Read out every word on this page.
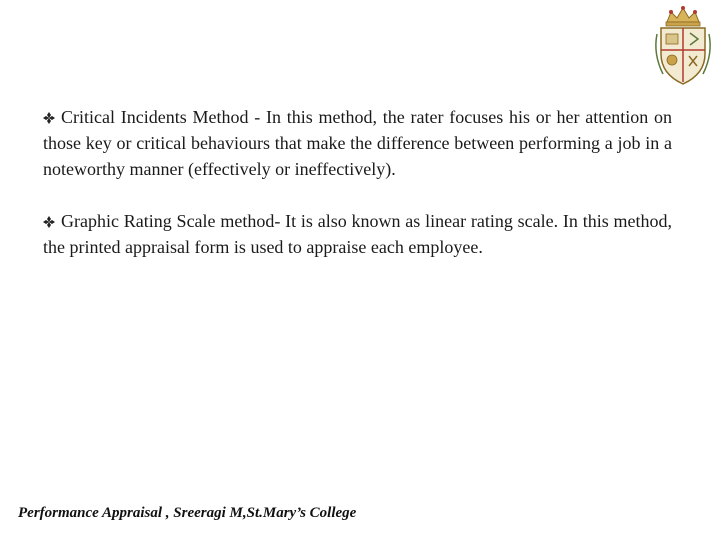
Critical Incidents Method - In this method, the rater focuses his or her attention on those key or critical behaviours that make the difference between performing a job in a noteworthy manner (effectively or ineffectively).

Graphic Rating Scale method- It is also known as linear rating scale. In this method, the printed appraisal form is used to appraise each employee.

Performance Appraisal , Sreeragi M,St.Mary’s College
